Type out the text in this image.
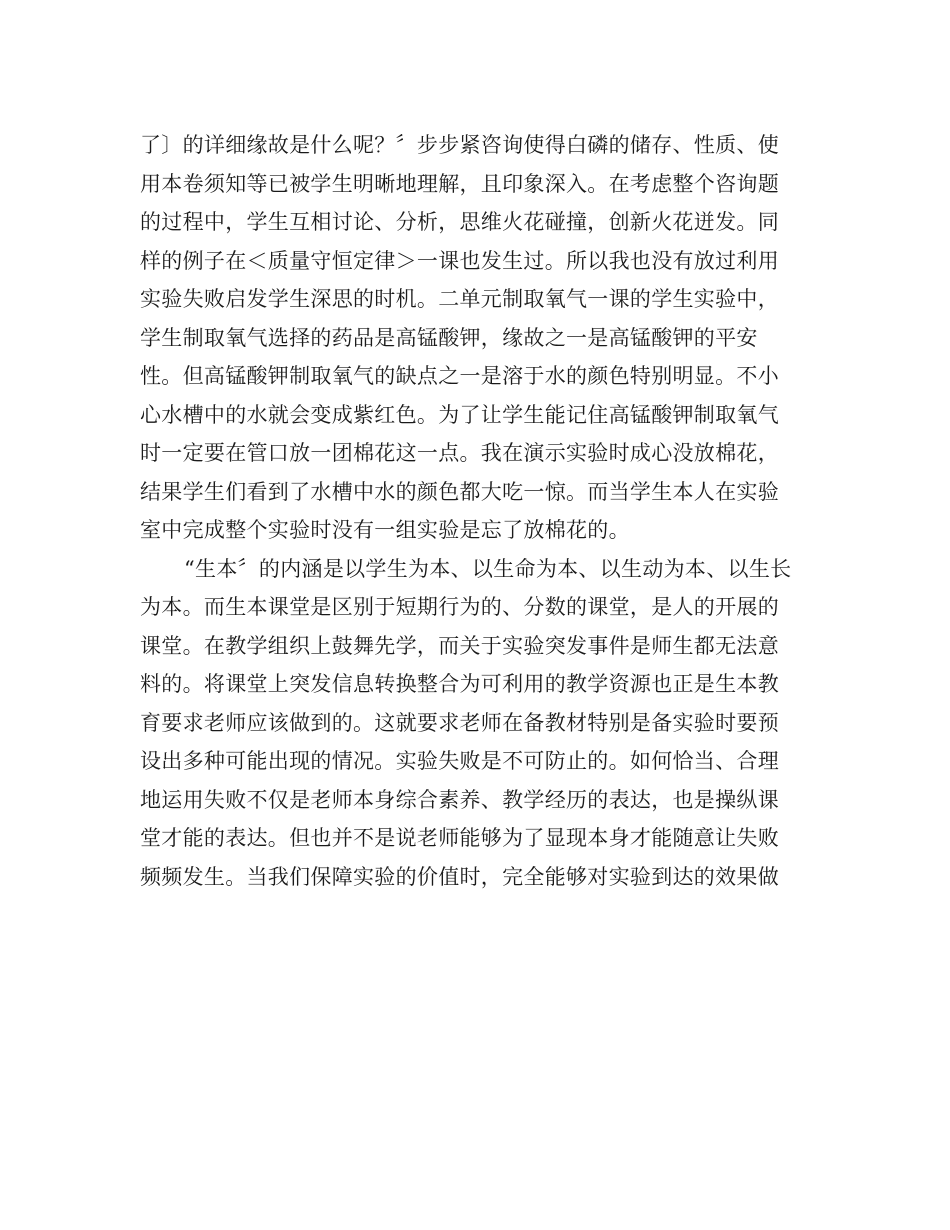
了〕的详细缘故是什么呢？〞步步紧咨询使得白磷的储存、性质、使
用本卷须知等已被学生明晰地理解，且印象深入。在考虑整个咨询题
的过程中，学生互相讨论、分析，思维火花碰撞，创新火花迸发。同
样的例子在＜质量守恒定律＞一课也发生过。所以我也没有放过利用
实验失败启发学生深思的时机。二单元制取氧气一课的学生实验中，
学生制取氧气选择的药品是高锰酸钾，缘故之一是高锰酸钾的平安
性。但高锰酸钾制取氧气的缺点之一是溶于水的颜色特别明显。不小
心水槽中的水就会变成紫红色。为了让学生能记住高锰酸钾制取氧气
时一定要在管口放一团棉花这一点。我在演示实验时成心没放棉花，
结果学生们看到了水槽中水的颜色都大吃一惊。而当学生本人在实验
室中完成整个实验时没有一组实验是忘了放棉花的。
“生本〞的内涵是以学生为本、以生命为本、以生动为本、以生长
为本。而生本课堂是区别于短期行为的、分数的课堂，是人的开展的
课堂。在教学组织上鼓舞先学，而关于实验突发事件是师生都无法意
料的。将课堂上突发信息转换整合为可利用的教学资源也正是生本教
育要求老师应该做到的。这就要求老师在备教材特别是备实验时要预
设出多种可能出现的情况。实验失败是不可防止的。如何恰当、合理
地运用失败不仅是老师本身综合素养、教学经历的表达，也是操纵课
堂才能的表达。但也并不是说老师能够为了显现本身才能随意让失败
频频发生。当我们保障实验的价值时，完全能够对实验到达的效果做
